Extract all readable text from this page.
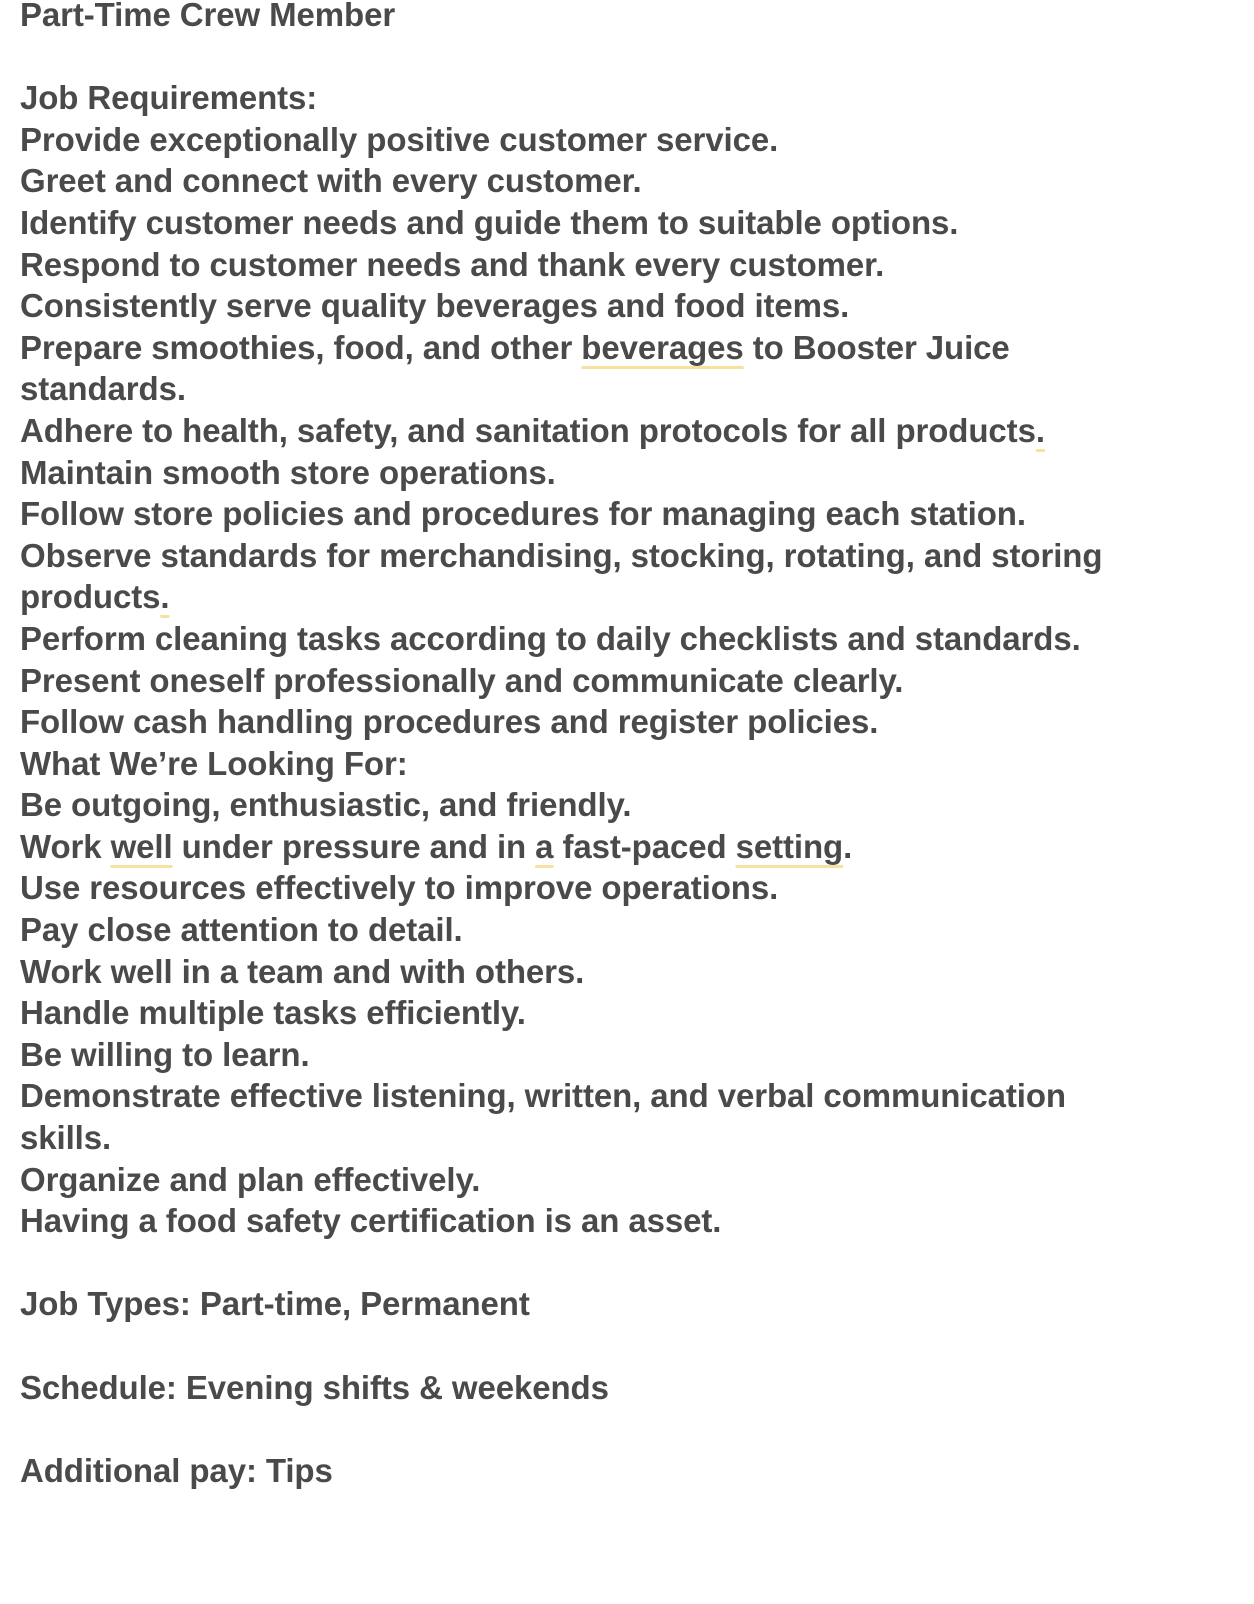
Part-Time Crew Member
Job Requirements:
Provide exceptionally positive customer service.
Greet and connect with every customer.
Identify customer needs and guide them to suitable options.
Respond to customer needs and thank every customer.
Consistently serve quality beverages and food items.
Prepare smoothies, food, and other beverages to Booster Juice standards.
Adhere to health, safety, and sanitation protocols for all products.
Maintain smooth store operations.
Follow store policies and procedures for managing each station.
Observe standards for merchandising, stocking, rotating, and storing products.
Perform cleaning tasks according to daily checklists and standards.
Present oneself professionally and communicate clearly.
Follow cash handling procedures and register policies.
What We’re Looking For:
Be outgoing, enthusiastic, and friendly.
Work well under pressure and in a fast-paced setting.
Use resources effectively to improve operations.
Pay close attention to detail.
Work well in a team and with others.
Handle multiple tasks efficiently.
Be willing to learn.
Demonstrate effective listening, written, and verbal communication skills.
Organize and plan effectively.
Having a food safety certification is an asset.
Job Types: Part-time, Permanent
Schedule: Evening shifts & weekends
Additional pay: Tips
